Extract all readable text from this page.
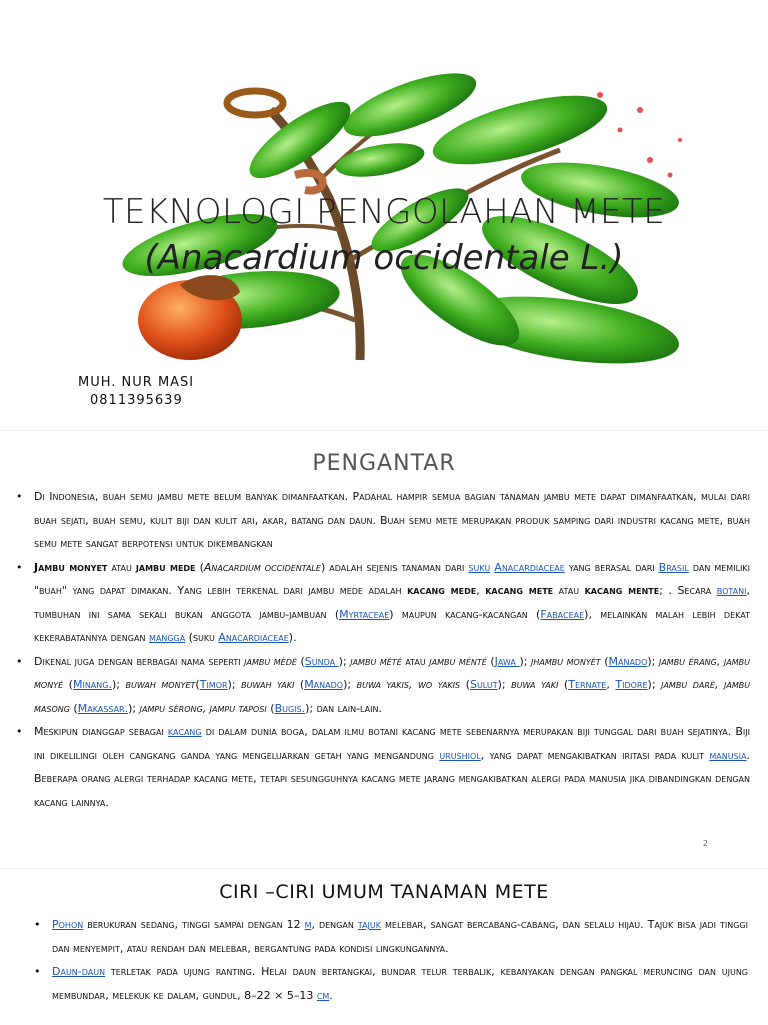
TEKNOLOGI PENGOLAHAN METE
(Anacardium occidentale L.)
MUH. NUR MASI
0811395639
PENGANTAR
• Di Indonesia, buah semu jambu mete belum banyak dimanfaatkan. Padahal hampir semua bagian tanaman jambu mete dapat dimanfaatkan, mulai dari buah sejati, buah semu, kulit biji dan kulit ari, akar, batang dan daun. Buah semu mete merupakan produk samping dari industri kacang mete, buah semu mete sangat berpotensi untuk dikembangkan
• Jambu monyet atau jambu mede (Anacardium occidentale) adalah sejenis tanaman dari suku Anacardiaceae yang berasal dari Brasil dan memiliki "buah" yang dapat dimakan. Yang lebih terkenal dari jambu mede adalah kacang mede, kacang mete atau kacang mente; . Secara botani, tumbuhan ini sama sekali bukan anggota jambu-jambuan (Myrtaceae) maupun kacang-kacangan (Fabaceae), melainkan malah lebih dekat kekerabatannya dengan mangga (suku Anacardiaceae).
• Dikenal juga dengan berbagai nama seperti jambu mèdè (Sunda ); jambu mété atau jambu ménté (Jawa ); jhambu monyèt (Manado); jambu érang, jambu monyé (Minang.); buwah monyet(Timor); buwah yaki (Manado); buwa yakis, wo yakis (Sulut); buwa yaki (Ternate, Tidore); jambu darè, jambu masong (Makassar.); jampu sèrong, jampu taposi (Bugis.); dan lain-lain.
• Meskipun dianggap sebagai kacang di dalam dunia boga, dalam ilmu botani kacang mete sebenarnya merupakan biji tunggal dari buah sejatinya. Biji ini dikelilingi oleh cangkang ganda yang mengeluarkan getah yang mengandung urushiol, yang dapat mengakibatkan iritasi pada kulit manusia. Beberapa orang alergi terhadap kacang mete, tetapi sesungguhnya kacang mete jarang mengakibatkan alergi pada manusia jika dibandingkan dengan kacang lainnya.
2
CIRI –CIRI UMUM TANAMAN METE
• Pohon berukuran sedang, tinggi sampai dengan 12 m, dengan tajuk melebar, sangat bercabang-cabang, dan selalu hijau. Tajuk bisa jadi tinggi dan menyempit, atau rendah dan melebar, bergantung pada kondisi lingkungannya.
• Daun-daun terletak pada ujung ranting. Helai daun bertangkai, bundar telur terbalik, kebanyakan dengan pangkal meruncing dan ujung membundar, melekuk ke dalam, gundul, 8–22 × 5–13 cm.
